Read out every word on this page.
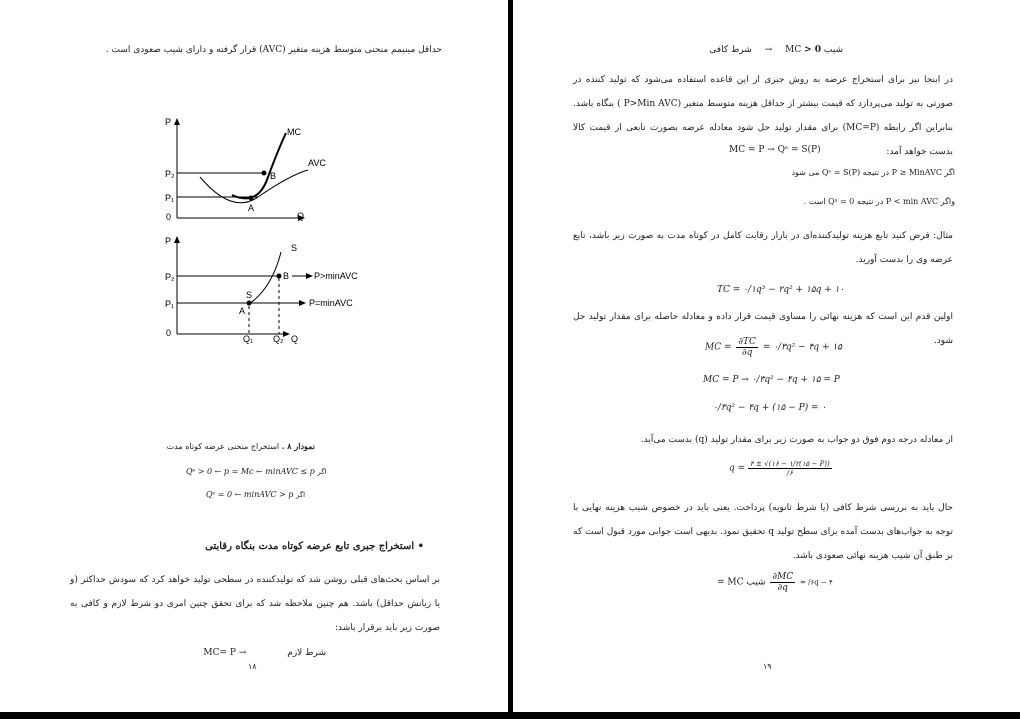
حداقل مینیمم منحنی متوسط هزینه متغیر (AVC) قرار گرفته و دارای شیب صعودی است .
P
0	Q
MC
AVC
P₂
P₁
B
A
P
0
Q
S
P₂
P₁
B	P>minAVC
S
A
P=minAVC
Q₁ Q₂
نمودار ۸ . استخراج منحنی عرضه کوتاه مدت
Qˢ > 0 ← p = Mc ← minAVC ≤ p اگر
Qˢ = 0 ← minAVC > p اگر
• استخراج جبری تابع عرضه کوتاه مدت بنگاه رقابتی
بر اساس بحث‌های قبلی روشن شد که تولیدکننده در سطحی تولید خواهد کرد که سودش حداکثر (و یا زیانش حداقل) باشد. هم چنین ملاحظه شد که برای تحقق چنین امری دو شرط لازم و کافی به صورت زیر باید برقرار باشد:
شرط لازم → MC= P
۱۸
شیب MC > 0 → شرط کافی
در اینجا نیز برای استخراج عرضه به روش جبری از این قاعده استفاده می‌شود که تولید کننده در صورتی به تولید می‌پردازد که قیمت بیشتر از حداقل هزینه متوسط متغیر (P>Min AVC ) بنگاه باشد. بنابراین اگر رابطه (MC=P) برای مقدار تولید حل شود معادله عرضه بصورت تابعی از قیمت کالا بدست خواهد آمد:
MC = P → Qˢ = S(P)
اگر P ≥ MinAVC در نتیجه Qˢ = S(P) می شود
واگر P < min AVC در نتیجه Qˢ = 0 است .
مثال: فرض کنید تابع هزینه تولیدکننده‌ای در بازار رقابت کامل در کوتاه مدت به صورت زیر باشد، تابع عرضه وی را بدست آورید.
TC = ۰/۱q³ − ۲q² + ۱۵q + ۱۰
اولین قدم این است که هزینه نهائی را مساوی قیمت قرار داده و معادله حاصله برای مقدار تولید حل شود.
MC = $\frac{\partial TC}{\partial q}$ = ۰/۳q² − ۴q + ۱۵
MC = P → ۰/۳q² − ۴q + ۱۵ = P
۰/۳q² − ۴q + (۱۵ − P) = ۰
از معادله درجه دوم فوق دو جواب به صورت زیر برای مقدار تولید (q) بدست می‌آید.
q = ۴ ± √(۱۶ − ۱/۲(۱۵ − P))
/۶
حال باید به بررسی شرط کافی (یا شرط ثانویه) پرداخت. یعنی باید در خصوص شیب هزینه نهایی با توجه به جواب‌های بدست آمده برای سطح تولید q تحقیق نمود. بدیهی است جوابی مورد قبول است که بر طبق آن شیب هزینه نهائی صعودی باشد.
شیب MC = $\frac{\partial MC}{\partial q}$ = /۶q − ۴
۱۹
